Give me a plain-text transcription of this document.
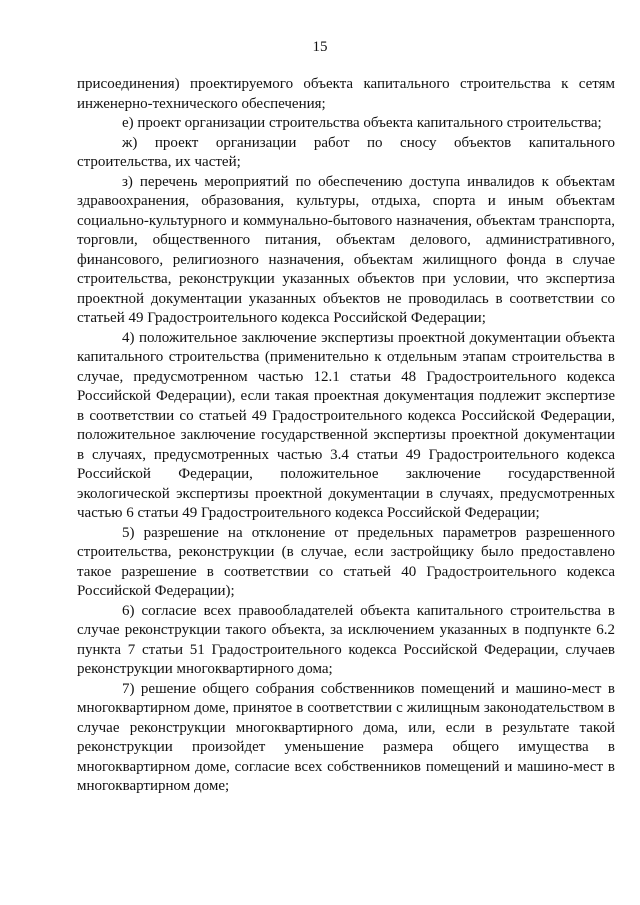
15

присоединения) проектируемого объекта капитального строительства к сетям инженерно-технического обеспечения;

е) проект организации строительства объекта капитального строительства;

ж) проект организации работ по сносу объектов капитального строительства, их частей;

з) перечень мероприятий по обеспечению доступа инвалидов к объектам здравоохранения, образования, культуры, отдыха, спорта и иным объектам социально-культурного и коммунально-бытового назначения, объектам транспорта, торговли, общественного питания, объектам делового, административного, финансового, религиозного назначения, объектам жилищного фонда в случае строительства, реконструкции указанных объектов при условии, что экспертиза проектной документации указанных объектов не проводилась в соответствии со статьей 49 Градостроительного кодекса Российской Федерации;

4) положительное заключение экспертизы проектной документации объекта капитального строительства (применительно к отдельным этапам строительства в случае, предусмотренном частью 12.1 статьи 48 Градостроительного кодекса Российской Федерации), если такая проектная документация подлежит экспертизе в соответствии со статьей 49 Градостроительного кодекса Российской Федерации, положительное заключение государственной экспертизы проектной документации в случаях, предусмотренных частью 3.4 статьи 49 Градостроительного кодекса Российской Федерации, положительное заключение государственной экологической экспертизы проектной документации в случаях, предусмотренных частью 6 статьи 49 Градостроительного кодекса Российской Федерации;

5) разрешение на отклонение от предельных параметров разрешенного строительства, реконструкции (в случае, если застройщику было предоставлено такое разрешение в соответствии со статьей 40 Градостроительного кодекса Российской Федерации);

6) согласие всех правообладателей объекта капитального строительства в случае реконструкции такого объекта, за исключением указанных в подпункте 6.2 пункта 7 статьи 51 Градостроительного кодекса Российской Федерации, случаев реконструкции многоквартирного дома;

7) решение общего собрания собственников помещений и машино-мест в многоквартирном доме, принятое в соответствии с жилищным законодательством в случае реконструкции многоквартирного дома, или, если в результате такой реконструкции произойдет уменьшение размера общего имущества в многоквартирном доме, согласие всех собственников помещений и машино-мест в многоквартирном доме;
